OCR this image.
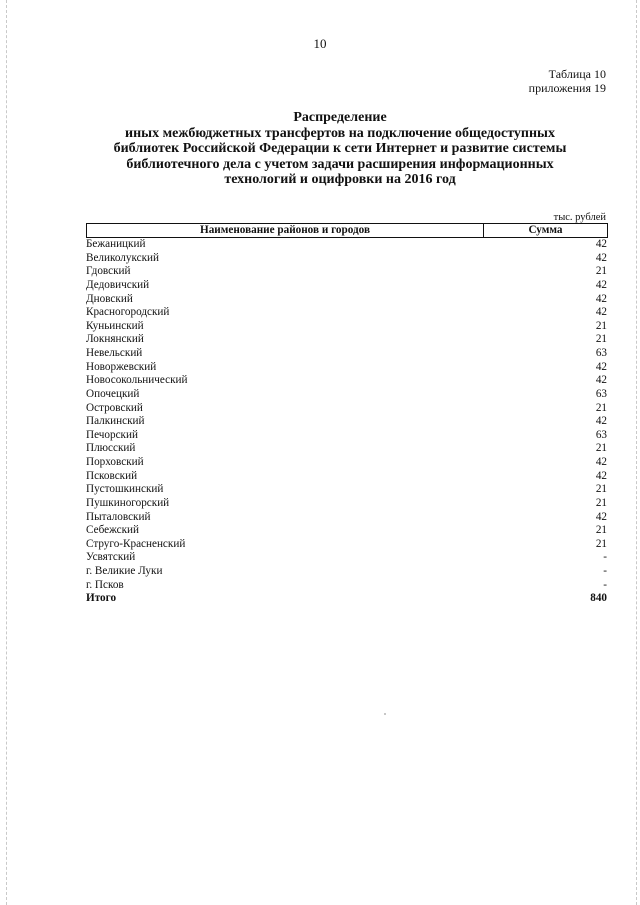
10
Таблица 10
приложения 19
Распределение
иных межбюджетных трансфертов на подключение общедоступных
библиотек Российской Федерации к сети Интернет и развитие системы
библиотечного дела с учетом задачи расширения информационных
технологий и оцифровки на 2016 год
тыс. рублей
Наименование районов и городов	Сумма
Бежаницкий	42
Великолукский	42
Гдовский	21
Дедовичский	42
Дновский	42
Красногородский	42
Куньинский	21
Локнянский	21
Невельский	63
Новоржевский	42
Новосокольнический	42
Опочецкий	63
Островский	21
Палкинский	42
Печорский	63
Плюсский	21
Порховский	42
Псковский	42
Пустошкинский	21
Пушкиногорский	21
Пыталовский	42
Себежский	21
Струго-Красненский	21
Усвятский	-
г. Великие Луки	-
г. Псков	-
Итого	840
